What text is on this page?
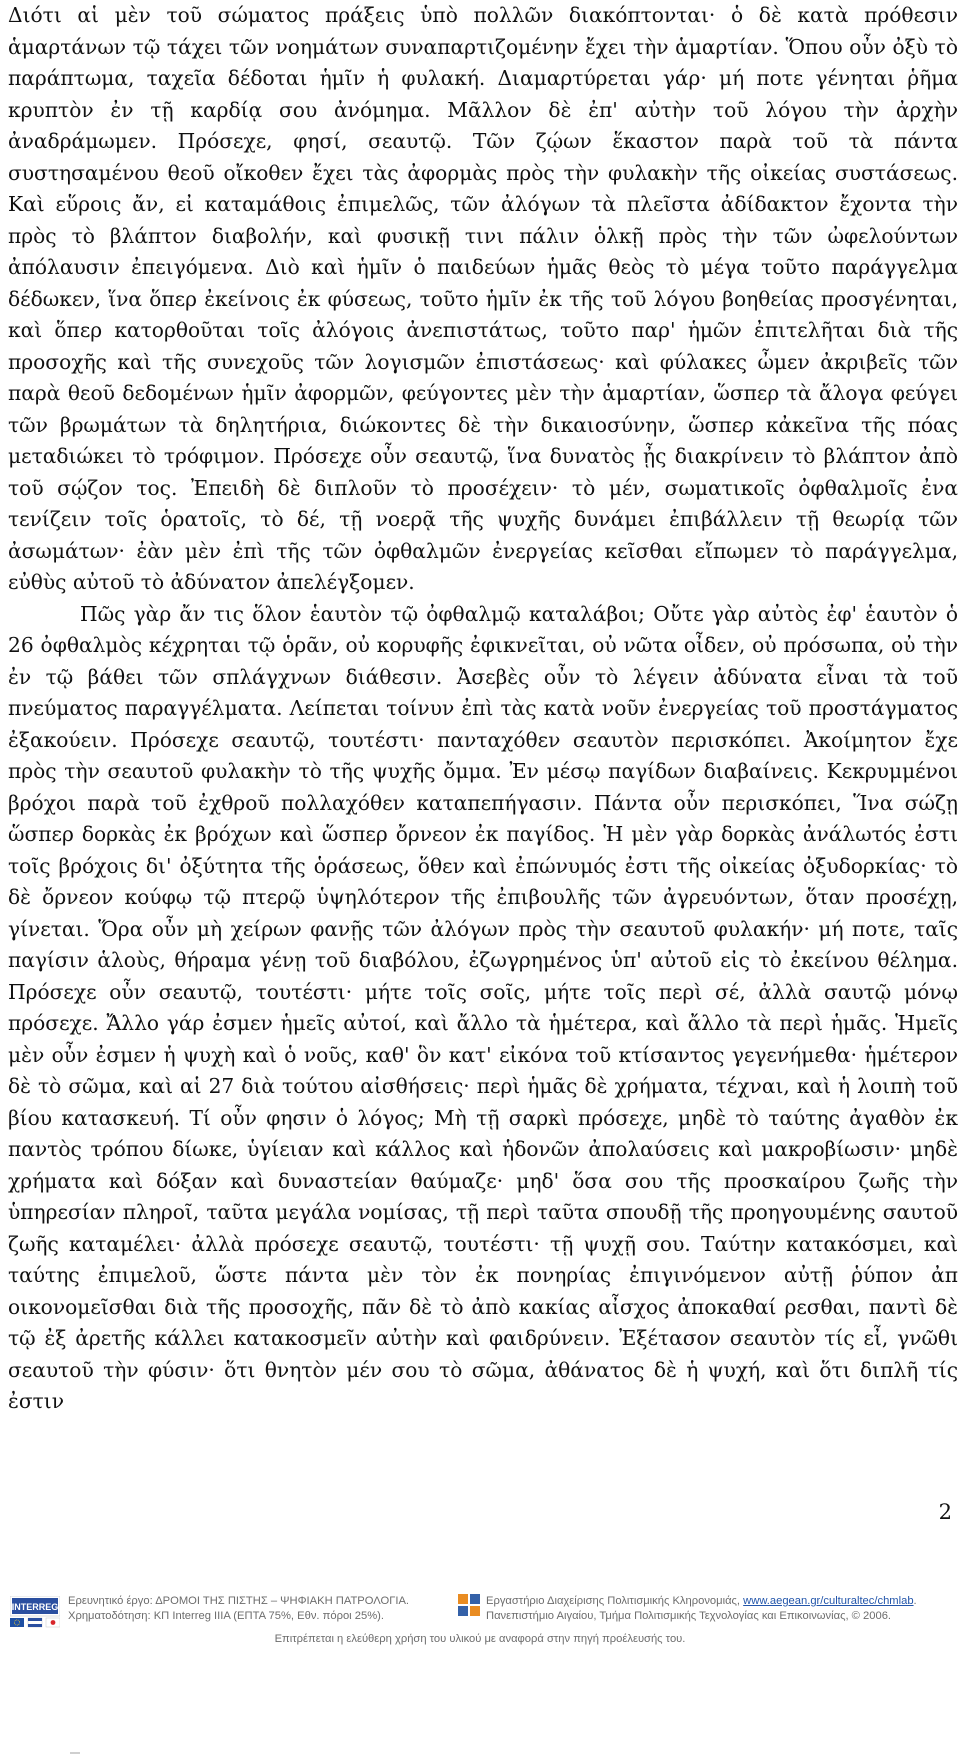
Διότι αἱ μὲν τοῦ σώματος πράξεις ὑπὸ πολλῶν διακόπτονται· ὁ δὲ κατὰ πρόθεσιν ἁμαρτάνων τῷ τάχει τῶν νοημάτων συναπαρτιζομένην ἔχει τὴν ἁμαρτίαν. Ὅπου οὖν ὀξὺ τὸ παράπτωμα, ταχεῖα δέδοται ἡμῖν ἡ φυλακή. Διαμαρτύρεται γάρ· μή ποτε γένηται ῥῆμα κρυπτὸν ἐν τῇ καρδίᾳ σου ἀνόμημα. Μᾶλλον δὲ ἐπ' αὐτὴν τοῦ λόγου τὴν ἀρχὴν ἀναδράμωμεν. Πρόσεχε, φησί, σεαυτῷ. Τῶν ζῴων ἕκαστον παρὰ τοῦ τὰ πάντα συστησαμένου θεοῦ οἴκοθεν ἔχει τὰς ἀφορμὰς πρὸς τὴν φυλακὴν τῆς οἰκείας συστάσεως. Καὶ εὕροις ἄν, εἰ καταμάθοις ἐπιμελῶς, τῶν ἀλόγων τὰ πλεῖστα ἀδίδακτον ἔχοντα τὴν πρὸς τὸ βλάπτον διαβολήν, καὶ φυσικῇ τινι πάλιν ὁλκῇ πρὸς τὴν τῶν ὠφελούντων ἀπόλαυσιν ἐπειγόμενα. Διὸ καὶ ἡμῖν ὁ παιδεύων ἡμᾶς θεὸς τὸ μέγα τοῦτο παράγγελμα δέδωκεν, ἵνα ὅπερ ἐκείνοις ἐκ φύσεως, τοῦτο ἡμῖν ἐκ τῆς τοῦ λόγου βοηθείας προσγένηται, καὶ ὅπερ κατορθοῦται τοῖς ἀλόγοις ἀνεπιστάτως, τοῦτο παρ' ἡμῶν ἐπιτελῆται διὰ τῆς προσοχῆς καὶ τῆς συνεχοῦς τῶν λογισμῶν ἐπιστάσεως· καὶ φύλακες ὦμεν ἀκριβεῖς τῶν παρὰ θεοῦ δεδομένων ἡμῖν ἀφορμῶν, φεύγοντες μὲν τὴν ἁμαρτίαν, ὥσπερ τὰ ἄλογα φεύγει τῶν βρωμάτων τὰ δηλητήρια, διώκοντες δὲ τὴν δικαιοσύνην, ὥσπερ κἀκεῖνα τῆς πόας μεταδιώκει τὸ τρόφιμον. Πρόσεχε οὖν σεαυτῷ, ἵνα δυνατὸς ᾖς διακρίνειν τὸ βλάπτον ἀπὸ τοῦ σῴζον τος. Ἐπειδὴ δὲ διπλοῦν τὸ προσέχειν· τὸ μέν, σωματικοῖς ὀφθαλμοῖς ἐνα τενίζειν τοῖς ὁρατοῖς, τὸ δέ, τῇ νοερᾷ τῆς ψυχῆς δυνάμει ἐπιβάλλειν τῇ θεωρίᾳ τῶν ἀσωμάτων· ἐὰν μὲν ἐπὶ τῆς τῶν ὀφθαλμῶν ἐνεργείας κεῖσθαι εἴπωμεν τὸ παράγγελμα, εὐθὺς αὐτοῦ τὸ ἀδύνατον ἀπελέγξομεν.

Πῶς γὰρ ἄν τις ὅλον ἑαυτὸν τῷ ὀφθαλμῷ καταλάβοι; Οὔτε γὰρ αὐτὸς ἐφ' ἑαυτὸν ὁ 26 ὀφθαλμὸς κέχρηται τῷ ὁρᾶν, οὐ κορυφῆς ἐφικνεῖται, οὐ νῶτα οἶδεν, οὐ πρόσωπα, οὐ τὴν ἐν τῷ βάθει τῶν σπλάγχνων διάθεσιν. Ἀσεβὲς οὖν τὸ λέγειν ἀδύνατα εἶναι τὰ τοῦ πνεύματος παραγγέλματα. Λείπεται τοίνυν ἐπὶ τὰς κατὰ νοῦν ἐνεργείας τοῦ προστάγματος ἐξακούειν. Πρόσεχε σεαυτῷ, τουτέστι· πανταχόθεν σεαυτὸν περισκόπει. Ἀκοίμητον ἔχε πρὸς τὴν σεαυτοῦ φυλακὴν τὸ τῆς ψυχῆς ὄμμα. Ἐν μέσῳ παγίδων διαβαίνεις. Κεκρυμμένοι βρόχοι παρὰ τοῦ ἐχθροῦ πολλαχόθεν καταπεπήγασιν. Πάντα οὖν περισκόπει, Ἵνα σώζῃ ὥσπερ δορκὰς ἐκ βρόχων καὶ ὥσπερ ὄρνεον ἐκ παγίδος. Ἡ μὲν γὰρ δορκὰς ἀνάλωτός ἐστι τοῖς βρόχοις δι' ὀξύτητα τῆς ὁράσεως, ὅθεν καὶ ἐπώνυμός ἐστι τῆς οἰκείας ὀξυδορκίας· τὸ δὲ ὄρνεον κούφῳ τῷ πτερῷ ὑψηλότερον τῆς ἐπιβουλῆς τῶν ἀγρευόντων, ὅταν προσέχῃ, γίνεται. Ὅρα οὖν μὴ χείρων φανῇς τῶν ἀλόγων πρὸς τὴν σεαυτοῦ φυλακήν· μή ποτε, ταῖς παγίσιν ἁλοὺς, θήραμα γένῃ τοῦ διαβόλου, ἐζωγρημένος ὑπ' αὐτοῦ εἰς τὸ ἐκείνου θέλημα. Πρόσεχε οὖν σεαυτῷ, τουτέστι· μήτε τοῖς σοῖς, μήτε τοῖς περὶ σέ, ἀλλὰ σαυτῷ μόνῳ πρόσεχε. Ἄλλο γάρ ἐσμεν ἡμεῖς αὐτοί, καὶ ἄλλο τὰ ἡμέτερα, καὶ ἄλλο τὰ περὶ ἡμᾶς. Ἡμεῖς μὲν οὖν ἐσμεν ἡ ψυχὴ καὶ ὁ νοῦς, καθ' ὃν κατ' εἰκόνα τοῦ κτίσαντος γεγενήμεθα· ἡμέτερον δὲ τὸ σῶμα, καὶ αἱ 27 διὰ τούτου αἰσθήσεις· περὶ ἡμᾶς δὲ χρήματα, τέχναι, καὶ ἡ λοιπὴ τοῦ βίου κατασκευή. Τί οὖν φησιν ὁ λόγος; Μὴ τῇ σαρκὶ πρόσεχε, μηδὲ τὸ ταύτης ἀγαθὸν ἐκ παντὸς τρόπου δίωκε, ὑγίειαν καὶ κάλλος καὶ ἡδονῶν ἀπολαύσεις καὶ μακροβίωσιν· μηδὲ χρήματα καὶ δόξαν καὶ δυναστείαν θαύμαζε· μηδ' ὅσα σου τῆς προσκαίρου ζωῆς τὴν ὑπηρεσίαν πληροῖ, ταῦτα μεγάλα νομίσας, τῇ περὶ ταῦτα σπουδῇ τῆς προηγουμένης σαυτοῦ ζωῆς καταμέλει· ἀλλὰ πρόσεχε σεαυτῷ, τουτέστι· τῇ ψυχῇ σου. Ταύτην κατακόσμει, καὶ ταύτης ἐπιμελοῦ, ὥστε πάντα μὲν τὸν ἐκ πονηρίας ἐπιγινόμενον αὐτῇ ῥύπον ἀπ οικονομεῖσθαι διὰ τῆς προσοχῆς, πᾶν δὲ τὸ ἀπὸ κακίας αἶσχος ἀποκαθαί ρεσθαι, παντὶ δὲ τῷ ἐξ ἀρετῆς κάλλει κατακοσμεῖν αὐτὴν καὶ φαιδρύνειν. Ἐξέτασον σεαυτὸν τίς εἶ, γνῶθι σεαυτοῦ τὴν φύσιν· ὅτι θνητὸν μέν σου τὸ σῶμα, ἀθάνατος δὲ ἡ ψυχή, καὶ ὅτι διπλῆ τίς ἐστιν

2
INTERREG Ερευνητικό έργο: ΔΡΟΜΟΙ ΤΗΣ ΠΙΣΤΗΣ – ΨΗΦΙΑΚΗ ΠΑΤΡΟΛΟΓΙΑ.
Χρηματοδότηση: ΚΠ Interreg IIIA (ΕΠΤΑ 75%, Εθν. πόροι 25%).
Εργαστήριο Διαχείρισης Πολιτισμικής Κληρονομιάς, www.aegean.gr/culturaltec/chmlab.
Πανεπιστήμιο Αιγαίου, Τμήμα Πολιτισμικής Τεχνολογίας και Επικοινωνίας, © 2006.
Επιτρέπεται η ελεύθερη χρήση του υλικού με αναφορά στην πηγή προέλευσής του.
